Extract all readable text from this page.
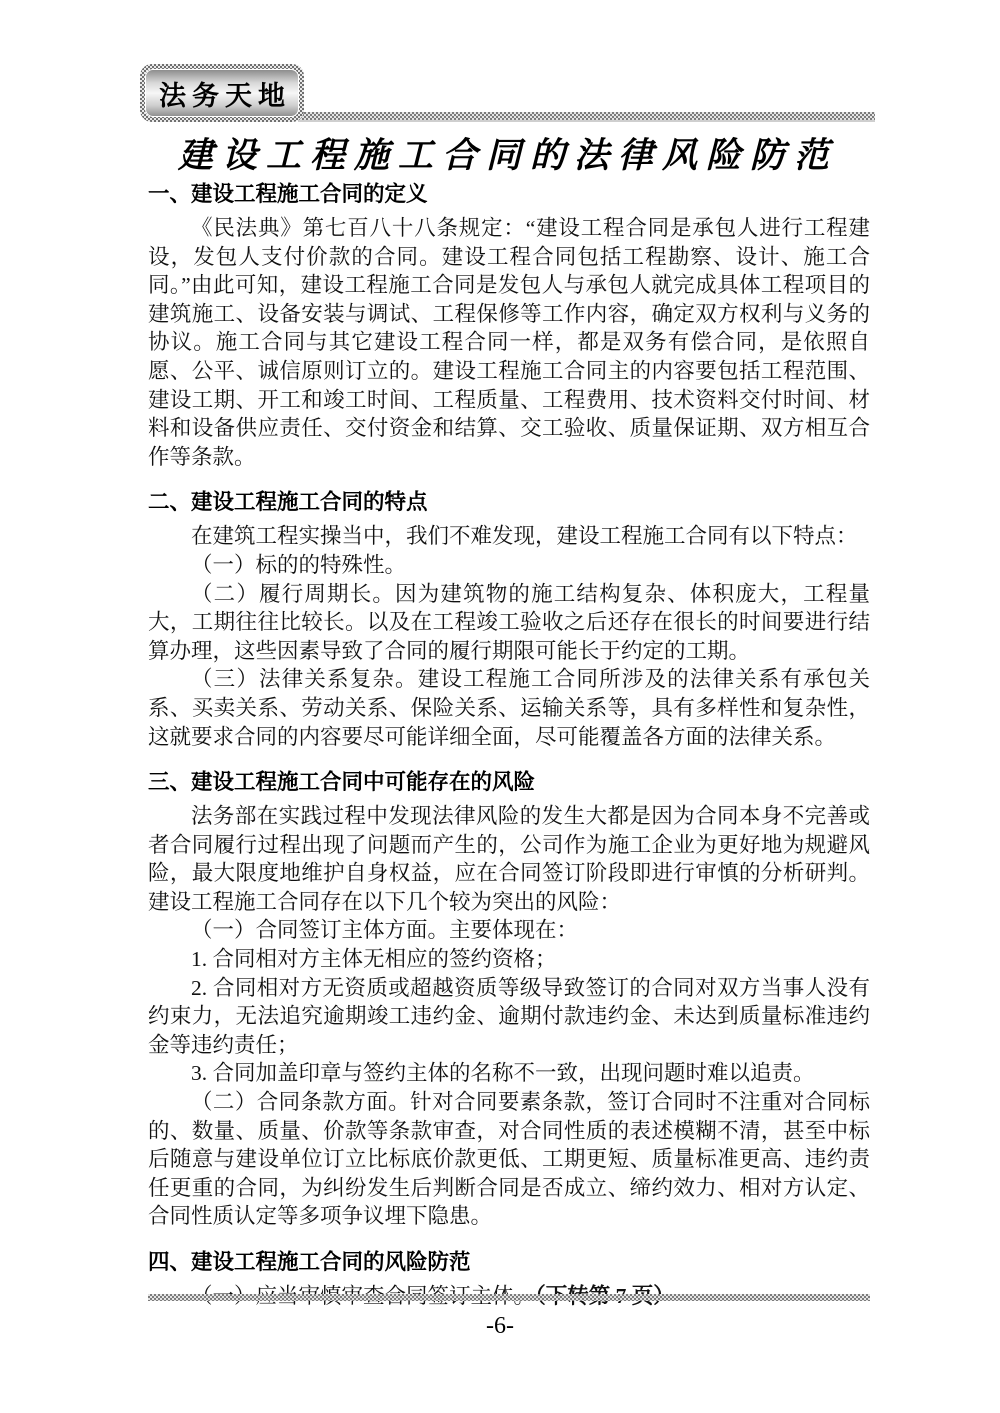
法务天地
建设工程施工合同的法律风险防范
一、建设工程施工合同的定义

《民法典》第七百八十八条规定：“建设工程合同是承包人进行工程建设，发包人支付价款的合同。建设工程合同包括工程勘察、设计、施工合同。”由此可知，建设工程施工合同是发包人与承包人就完成具体工程项目的建筑施工、设备安装与调试、工程保修等工作内容，确定双方权利与义务的协议。施工合同与其它建设工程合同一样，都是双务有偿合同，是依照自愿、公平、诚信原则订立的。建设工程施工合同主的内容要包括工程范围、建设工期、开工和竣工时间、工程质量、工程费用、技术资料交付时间、材料和设备供应责任、交付资金和结算、交工验收、质量保证期、双方相互合作等条款。

二、建设工程施工合同的特点

在建筑工程实操当中，我们不难发现，建设工程施工合同有以下特点：

（一）标的的特殊性。

（二）履行周期长。因为建筑物的施工结构复杂、体积庞大，工程量大，工期往往比较长。以及在工程竣工验收之后还存在很长的时间要进行结算办理，这些因素导致了合同的履行期限可能长于约定的工期。

（三）法律关系复杂。建设工程施工合同所涉及的法律关系有承包关系、买卖关系、劳动关系、保险关系、运输关系等，具有多样性和复杂性，这就要求合同的内容要尽可能详细全面，尽可能覆盖各方面的法律关系。

三、建设工程施工合同中可能存在的风险

法务部在实践过程中发现法律风险的发生大都是因为合同本身不完善或者合同履行过程出现了问题而产生的，公司作为施工企业为更好地为规避风险，最大限度地维护自身权益，应在合同签订阶段即进行审慎的分析研判。建设工程施工合同存在以下几个较为突出的风险：

（一）合同签订主体方面。主要体现在：

1. 合同相对方主体无相应的签约资格；

2. 合同相对方无资质或超越资质等级导致签订的合同对双方当事人没有约束力，无法追究逾期竣工违约金、逾期付款违约金、未达到质量标准违约金等违约责任；

3. 合同加盖印章与签约主体的名称不一致，出现问题时难以追责。

（二）合同条款方面。针对合同要素条款，签订合同时不注重对合同标的、数量、质量、价款等条款审查，对合同性质的表述模糊不清，甚至中标后随意与建设单位订立比标底价款更低、工期更短、质量标准更高、违约责任更重的合同，为纠纷发生后判断合同是否成立、缔约效力、相对方认定、合同性质认定等多项争议埋下隐患。

四、建设工程施工合同的风险防范

-6-
